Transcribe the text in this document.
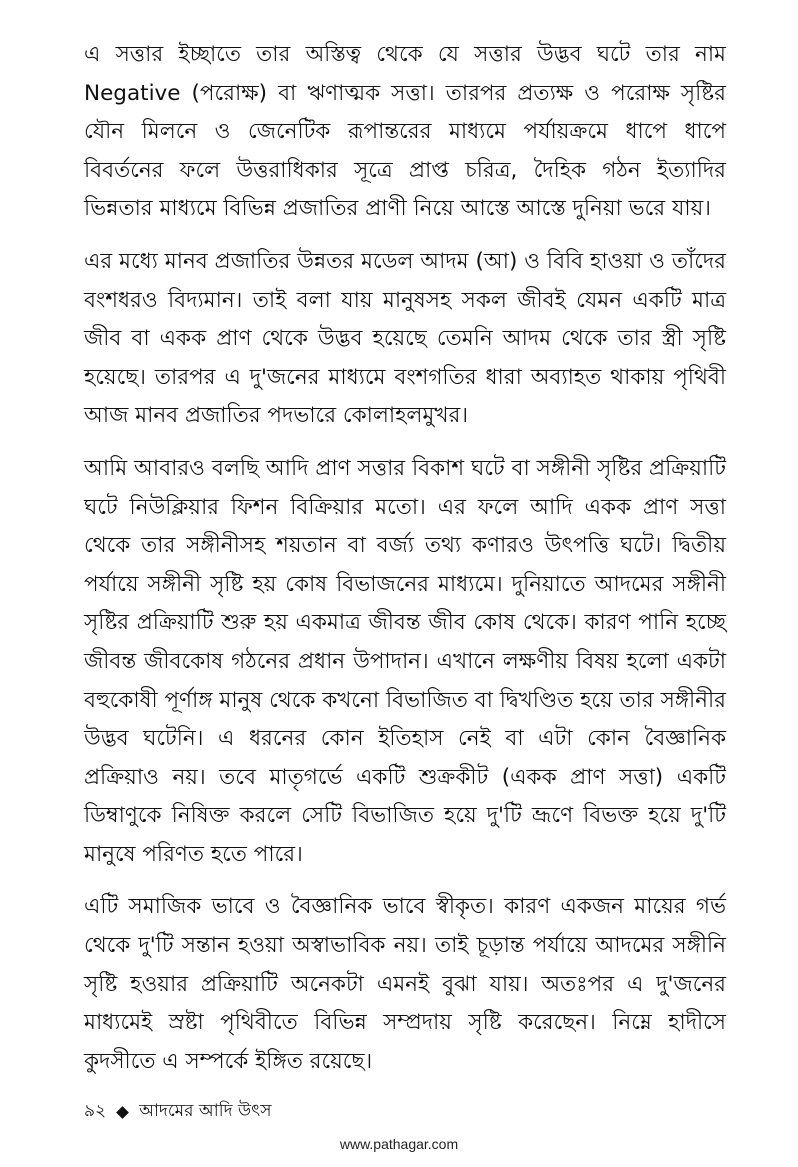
এ সত্তার ইচ্ছাতে তার অস্তিত্ব থেকে যে সত্তার উদ্ভব ঘটে তার নাম Negative (পরোক্ষ) বা ঋণাত্মক সত্তা। তারপর প্রত্যক্ষ ও পরোক্ষ সৃষ্টির যৌন মিলনে ও জেনেটিক রূপান্তরের মাধ্যমে পর্যায়ক্রমে ধাপে ধাপে বিবর্তনের ফলে উত্তরাধিকার সূত্রে প্রাপ্ত চরিত্র, দৈহিক গঠন ইত্যাদির ভিন্নতার মাধ্যমে বিভিন্ন প্রজাতির প্রাণী নিয়ে আস্তে আস্তে দুনিয়া ভরে যায়।

এর মধ্যে মানব প্রজাতির উন্নতর মডেল আদম (আ) ও বিবি হাওয়া ও তাঁদের বংশধরও বিদ্যমান। তাই বলা যায় মানুষসহ সকল জীবই যেমন একটি মাত্র জীব বা একক প্রাণ থেকে উদ্ভব হয়েছে তেমনি আদম থেকে তার স্ত্রী সৃষ্টি হয়েছে। তারপর এ দু'জনের মাধ্যমে বংশগতির ধারা অব্যাহত থাকায় পৃথিবী আজ মানব প্রজাতির পদভারে কোলাহলমুখর।

আমি আবারও বলছি আদি প্রাণ সত্তার বিকাশ ঘটে বা সঙ্গীনী সৃষ্টির প্রক্রিয়াটি ঘটে নিউক্লিয়ার ফিশন বিক্রিয়ার মতো। এর ফলে আদি একক প্রাণ সত্তা থেকে তার সঙ্গীনীসহ শয়তান বা বর্জ্য তথ্য কণারও উৎপত্তি ঘটে। দ্বিতীয় পর্যায়ে সঙ্গীনী সৃষ্টি হয় কোষ বিভাজনের মাধ্যমে। দুনিয়াতে আদমের সঙ্গীনী সৃষ্টির প্রক্রিয়াটি শুরু হয় একমাত্র জীবন্ত জীব কোষ থেকে। কারণ পানি হচ্ছে জীবন্ত জীবকোষ গঠনের প্রধান উপাদান। এখানে লক্ষণীয় বিষয় হলো একটা বহুকোষী পূর্ণাঙ্গ মানুষ থেকে কখনো বিভাজিত বা দ্বিখণ্ডিত হয়ে তার সঙ্গীনীর উদ্ভব ঘটেনি। এ ধরনের কোন ইতিহাস নেই বা এটা কোন বৈজ্ঞানিক প্রক্রিয়াও নয়। তবে মাতৃগর্ভে একটি শুক্রকীট (একক প্রাণ সত্তা) একটি ডিম্বাণুকে নিষিক্ত করলে সেটি বিভাজিত হয়ে দু'টি ভ্রূণে বিভক্ত হয়ে দু'টি মানুষে পরিণত হতে পারে।

এটি সমাজিক ভাবে ও বৈজ্ঞানিক ভাবে স্বীকৃত। কারণ একজন মায়ের গর্ভ থেকে দু'টি সন্তান হওয়া অস্বাভাবিক নয়। তাই চূড়ান্ত পর্যায়ে আদমের সঙ্গীনি সৃষ্টি হওয়ার প্রক্রিয়াটি অনেকটা এমনই বুঝা যায়। অতঃপর এ দু'জনের মাধ্যমেই স্রষ্টা পৃথিবীতে বিভিন্ন সম্প্রদায় সৃষ্টি করেছেন। নিম্নে হাদীসে কুদসীতে এ সম্পর্কে ইঙ্গিত রয়েছে।

৯২ আদমের আদি উৎস
www.pathagar.com
